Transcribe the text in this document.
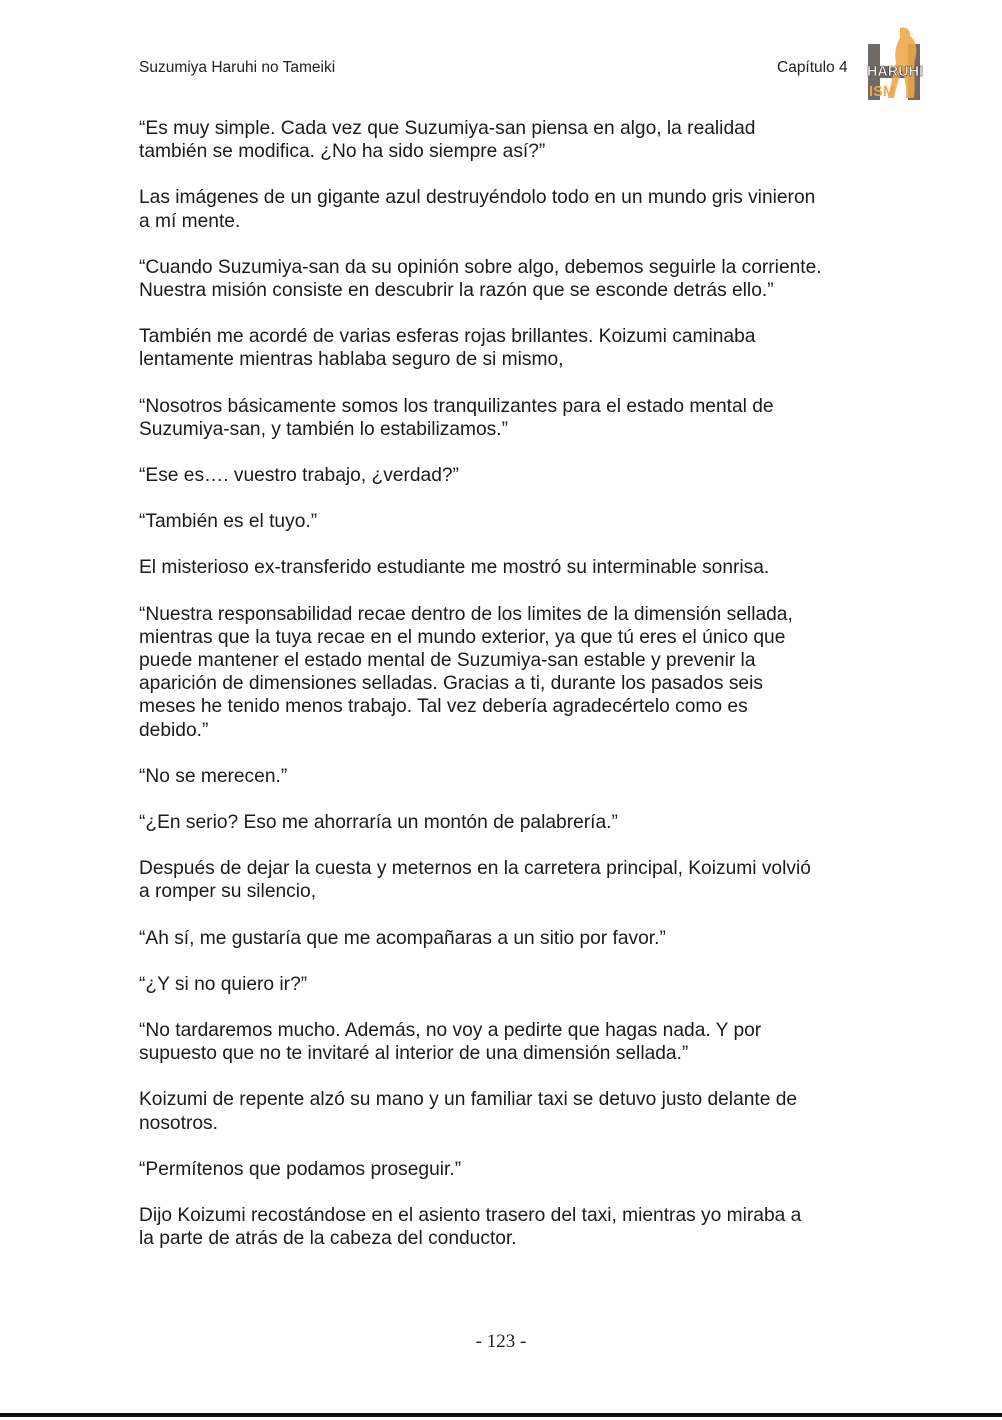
Suzumiya Haruhi no Tameiki	Capítulo 4 HARUHI
ISM

“Es muy simple. Cada vez que Suzumiya-san piensa en algo, la realidad
también se modifica. ¿No ha sido siempre así?”

Las imágenes de un gigante azul destruyéndolo todo en un mundo gris vinieron
a mí mente.

“Cuando Suzumiya-san da su opinión sobre algo, debemos seguirle la corriente.
Nuestra misión consiste en descubrir la razón que se esconde detrás ello.”

También me acordé de varias esferas rojas brillantes. Koizumi caminaba
lentamente mientras hablaba seguro de si mismo,

“Nosotros básicamente somos los tranquilizantes para el estado mental de
Suzumiya-san, y también lo estabilizamos.”

“Ese es…. vuestro trabajo, ¿verdad?”

“También es el tuyo.”

El misterioso ex-transferido estudiante me mostró su interminable sonrisa.

“Nuestra responsabilidad recae dentro de los limites de la dimensión sellada,
mientras que la tuya recae en el mundo exterior, ya que tú eres el único que
puede mantener el estado mental de Suzumiya-san estable y prevenir la
aparición de dimensiones selladas. Gracias a ti, durante los pasados seis
meses he tenido menos trabajo. Tal vez debería agradecértelo como es
debido.”

“No se merecen.”

“¿En serio? Eso me ahorraría un montón de palabrería.”

Después de dejar la cuesta y meternos en la carretera principal, Koizumi volvió
a romper su silencio,

“Ah sí, me gustaría que me acompañaras a un sitio por favor.”

“¿Y si no quiero ir?”

“No tardaremos mucho. Además, no voy a pedirte que hagas nada. Y por
supuesto que no te invitaré al interior de una dimensión sellada.”

Koizumi de repente alzó su mano y un familiar taxi se detuvo justo delante de
nosotros.

“Permítenos que podamos proseguir.”

Dijo Koizumi recostándose en el asiento trasero del taxi, mientras yo miraba a
la parte de atrás de la cabeza del conductor.

- 123 -
